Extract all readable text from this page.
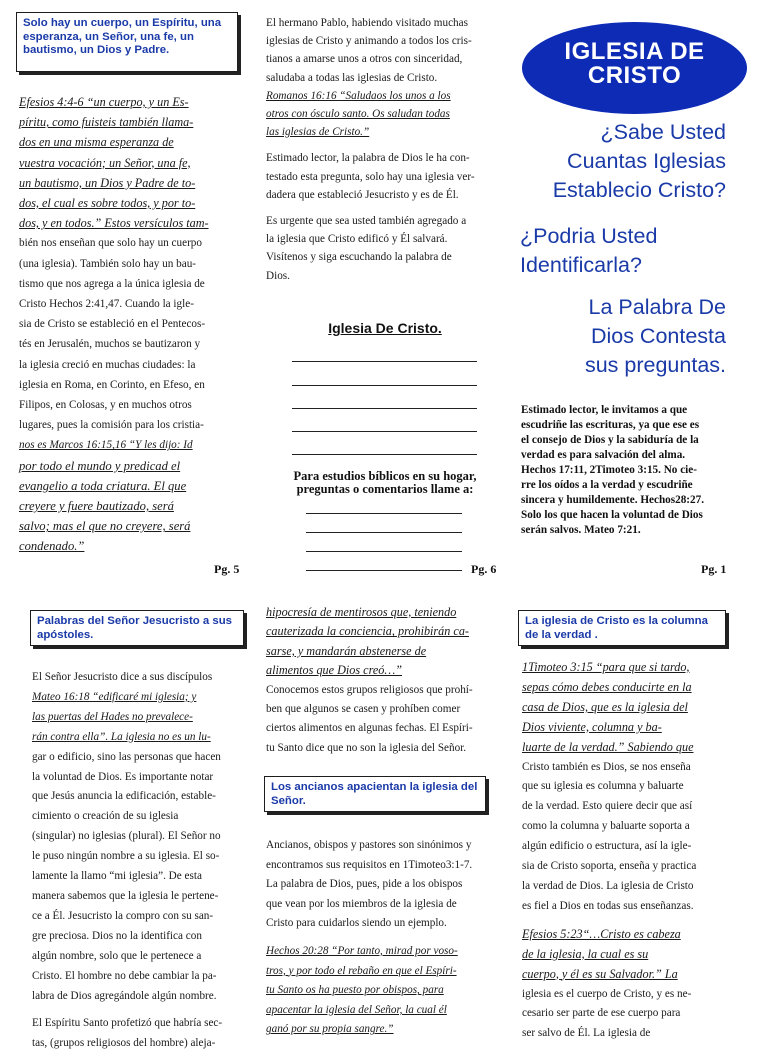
Solo hay un cuerpo, un Espíritu, una esperanza, un Señor, una fe, un bautismo, un Dios y Padre.
Efesios 4:4-6 “un cuerpo, y un Es-
píritu, como fuisteis también llama-
dos en una misma esperanza de
vuestra vocación; un Señor, una fe,
un bautismo, un Dios y Padre de to-
dos, el cual es sobre todos, y por to-
dos, y en todos.” Estos versículos tam-
bién nos enseñan que solo hay un cuerpo
(una iglesia). También solo hay un bau-
tismo que nos agrega a la única iglesia de
Cristo Hechos 2:41,47. Cuando la igle-
sia de Cristo se estableció en el Pentecos-
tés en Jerusalén, muchos se bautizaron y
la iglesia creció en muchas ciudades: la
iglesia en Roma, en Corinto, en Efeso, en
Filipos, en Colosas, y en muchos otros
lugares, pues la comisión para los cristia-
nos es Marcos 16:15,16 “Y les dijo: Id
por todo el mundo y predicad el
evangelio a toda criatura. El que
creyere y fuere bautizado, será
salvo; mas el que no creyere, será
condenado.”
Pg. 5
El hermano Pablo, habiendo visitado muchas
iglesias de Cristo y animando a todos los cris-
tianos a amarse unos a otros con sinceridad,
saludaba a todas las iglesias de Cristo.
Romanos 16:16 “Saludaos los unos a los
otros con ósculo santo. Os saludan todas
las iglesias de Cristo.”

Estimado lector, la palabra de Dios le ha con-
testado esta pregunta, solo hay una iglesia ver-
dadera que estableció Jesucristo y es de Él.

Es urgente que sea usted también agregado a
la iglesia que Cristo edificó y Él salvará.
Visítenos y siga escuchando la palabra de
Dios.
Iglesia De Cristo.
Para estudios bíblicos en su hogar,
preguntas o comentarios llame a:
Pg. 6
IGLESIA DE
CRISTO
¿Sabe Usted
Cuantas Iglesias
Establecio Cristo?
¿Podria Usted
Identificarla?
La Palabra De
Dios Contesta
sus preguntas.
Estimado lector, le invitamos a que
escudriñe las escrituras, ya que ese es
el consejo de Dios y la sabiduría de la
verdad es para salvación del alma.
Hechos 17:11, 2Timoteo 3:15. No cie-
rre los oídos a la verdad y escudriñe
sincera y humildemente. Hechos28:27.
Solo los que hacen la voluntad de Dios
serán salvos. Mateo 7:21.
Pg. 1
Palabras del Señor Jesucristo a sus apóstoles.
El Señor Jesucristo dice a sus discípulos
Mateo 16:18 “edificaré mi iglesia; y
las puertas del Hades no prevalece-
rán contra ella”. La iglesia no es un lu-
gar o edificio, sino las personas que hacen
la voluntad de Dios. Es importante notar
que Jesús anuncia la edificación, estable-
cimiento o creación de su iglesia
(singular) no iglesias (plural). El Señor no
le puso ningún nombre a su iglesia. El so-
lamente la llamo “mi iglesia”. De esta
manera sabemos que la iglesia le pertene-
ce a Él. Jesucristo la compro con su san-
gre preciosa. Dios no la identifica con
algún nombre, solo que le pertenece a
Cristo. El hombre no debe cambiar la pa-
labra de Dios agregándole algún nombre.

El Espíritu Santo profetizó que habría sec-
tas, (grupos religiosos del hombre) aleja-
hipocresía de mentirosos que, teniendo
cauterizada la conciencia, prohibirán ca-
sarse, y mandarán abstenerse de
alimentos que Dios creó…”
Conocemos estos grupos religiosos que prohí-
ben que algunos se casen y prohíben comer
ciertos alimentos en algunas fechas. El Espíri-
tu Santo dice que no son la iglesia del Señor.
Los ancianos apacientan la iglesia del Señor.
Ancianos, obispos y pastores son sinónimos y
encontramos sus requisitos en 1Timoteo3:1-7.
La palabra de Dios, pues, pide a los obispos
que vean por los miembros de la iglesia de
Cristo para cuidarlos siendo un ejemplo.

Hechos 20:28 “Por tanto, mirad por voso-
tros, y por todo el rebaño en que el Espíri-
tu Santo os ha puesto por obispos, para
apacentar la iglesia del Señor, la cual él
ganó por su propia sangre.”
La iglesia de Cristo es la columna de la verdad .
1Timoteo 3:15 “para que si tardo,
sepas cómo debes conducirte en la
casa de Dios, que es la iglesia del
Dios viviente, columna y ba-
luarte de la verdad.” Sabiendo que
Cristo también es Dios, se nos enseña
que su iglesia es columna y baluarte
de la verdad. Esto quiere decir que así
como la columna y baluarte soporta a
algún edificio o estructura, así la igle-
sia de Cristo soporta, enseña y practica
la verdad de Dios. La iglesia de Cristo
es fiel a Dios en todas sus enseñanzas.

Efesios 5:23“…Cristo es cabeza
de la iglesia, la cual es su
cuerpo, y él es su Salvador.” La
iglesia es el cuerpo de Cristo, y es ne-
cesario ser parte de ese cuerpo para
ser salvo de Él. La iglesia de
